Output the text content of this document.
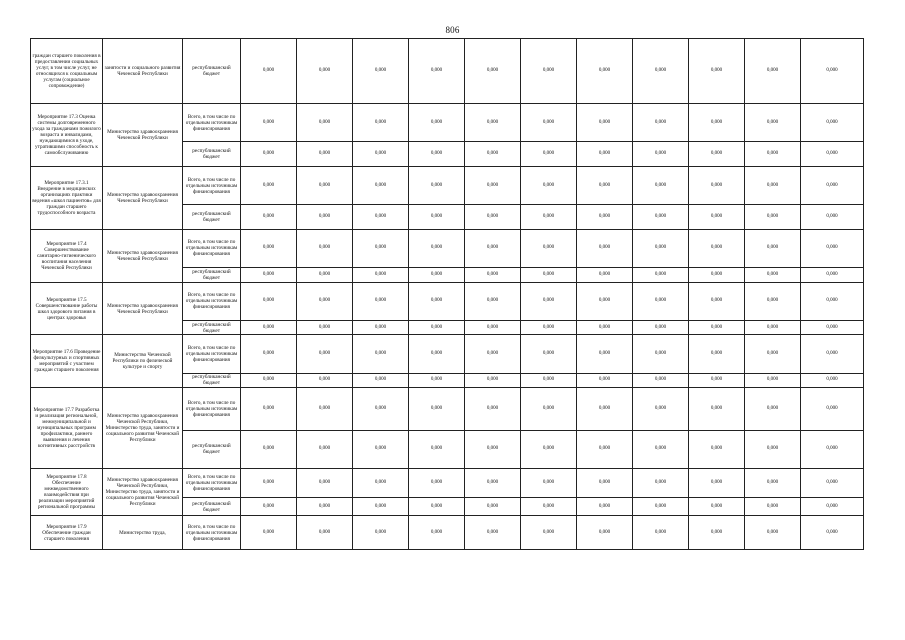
806
граждан старшего поколения в предоставлении социальных услуг, в том числе услуг, не относящихся к социальным услугам (социальное сопровождение)	занятости и социального развития Чеченской Республики	республиканский бюджет	0,000	0,000	0,000	0,000	0,000	0,000	0,000	0,000	0,000	0,000	0,000
Мероприятие 17.3 Оценка системы долговременного ухода за гражданами пожилого возраста и инвалидами, нуждающимися в уходе, утратившими способность к самообслуживанию	Министерство здравоохранения Чеченской Республики	Всего, в том числе по отдельным источникам финансирования	0,000	0,000	0,000	0,000	0,000	0,000	0,000	0,000	0,000	0,000	0,000
		республиканский бюджет	0,000	0,000	0,000	0,000	0,000	0,000	0,000	0,000	0,000	0,000	0,000
Мероприятие 17.3.1 Внедрение в медицинских организациях практики ведения «школ пациентов» для граждан старшего трудоспособного возраста	Министерство здравоохранения Чеченской Республики	Всего, в том числе по отдельным источникам финансирования	0,000	0,000	0,000	0,000	0,000	0,000	0,000	0,000	0,000	0,000	0,000
		республиканский бюджет	0,000	0,000	0,000	0,000	0,000	0,000	0,000	0,000	0,000	0,000	0,000
Мероприятие 17.4 Совершенствование санитарно-гигиенического воспитания населения Чеченской Республики	Министерство здравоохранения Чеченской Республики	Всего, в том числе по отдельным источникам финансирования	0,000	0,000	0,000	0,000	0,000	0,000	0,000	0,000	0,000	0,000	0,000
		республиканский бюджет	0,000	0,000	0,000	0,000	0,000	0,000	0,000	0,000	0,000	0,000	0,000
Мероприятие 17.5 Совершенствование работы школ здорового питания в центрах здоровья	Министерство здравоохранения Чеченской Республики	Всего, в том числе по отдельным источникам финансирования	0,000	0,000	0,000	0,000	0,000	0,000	0,000	0,000	0,000	0,000	0,000
		республиканский бюджет	0,000	0,000	0,000	0,000	0,000	0,000	0,000	0,000	0,000	0,000	0,000
Мероприятие 17.6 Проведение физкультурных и спортивных мероприятий с участием граждан старшего поколения	Министерство Чеченской Республики по физической культуре и спорту	Всего, в том числе по отдельным источникам финансирования	0,000	0,000	0,000	0,000	0,000	0,000	0,000	0,000	0,000	0,000	0,000
		республиканский бюджет	0,000	0,000	0,000	0,000	0,000	0,000	0,000	0,000	0,000	0,000	0,000
Мероприятие 17.7 Разработка и реализация региональной, межмуниципальной и муниципальных программ профилактики, раннего выявления и лечения когнитивных расстройств	Министерство здравоохранения Чеченской Республики, Министерство труда, занятости и социального развития Чеченской Республики	Всего, в том числе по отдельным источникам финансирования	0,000	0,000	0,000	0,000	0,000	0,000	0,000	0,000	0,000	0,000	0,000
		республиканский бюджет	0,000	0,000	0,000	0,000	0,000	0,000	0,000	0,000	0,000	0,000	0,000
Мероприятие 17.8 Обеспечение межведомственного взаимодействия при реализации мероприятий региональной программы	Министерство здравоохранения Чеченской Республики, Министерство труда, занятости и социального развития Чеченской Республики	Всего, в том числе по отдельным источникам финансирования	0,000	0,000	0,000	0,000	0,000	0,000	0,000	0,000	0,000	0,000	0,000
		республиканский бюджет	0,000	0,000	0,000	0,000	0,000	0,000	0,000	0,000	0,000	0,000	0,000
Мероприятие 17.9 Обеспечение граждан старшего поколения	Министерство труда,	Всего, в том числе по отдельным источникам финансирования	0,000	0,000	0,000	0,000	0,000	0,000	0,000	0,000	0,000	0,000	0,000
